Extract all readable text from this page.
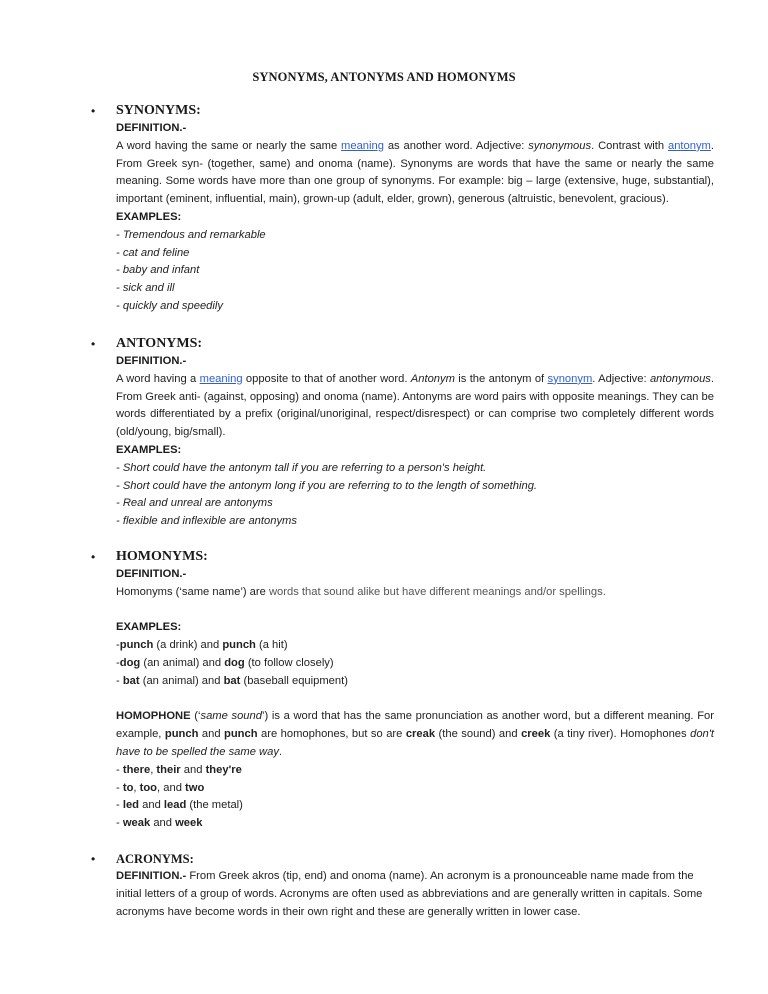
SYNONYMS, ANTONYMS AND HOMONYMS
• SYNONYMS:
DEFINITION.-
A word having the same or nearly the same meaning as another word. Adjective: synonymous. Contrast with antonym. From Greek syn- (together, same) and onoma (name). Synonyms are words that have the same or nearly the same meaning. Some words have more than one group of synonyms. For example: big – large (extensive, huge, substantial), important (eminent, influential, main), grown-up (adult, elder, grown), generous (altruistic, benevolent, gracious).
EXAMPLES:
- Tremendous and remarkable
- cat and feline
- baby and infant
- sick and ill
- quickly and speedily
• ANTONYMS:
DEFINITION.-
A word having a meaning opposite to that of another word. Antonym is the antonym of synonym. Adjective: antonymous. From Greek anti- (against, opposing) and onoma (name). Antonyms are word pairs with opposite meanings. They can be words differentiated by a prefix (original/unoriginal, respect/disrespect) or can comprise two completely different words (old/young, big/small).
EXAMPLES:
- Short could have the antonym tall if you are referring to a person's height.
- Short could have the antonym long if you are referring to to the length of something.
- Real and unreal are antonyms
- flexible and inflexible are antonyms
• HOMONYMS:
DEFINITION.-
Homonyms (‘same name’) are words that sound alike but have different meanings and/or spellings.
EXAMPLES:
-punch (a drink) and punch (a hit)
-dog (an animal) and dog (to follow closely)
- bat (an animal) and bat (baseball equipment)
HOMOPHONE (‘same sound’) is a word that has the same pronunciation as another word, but a different meaning. For example, punch and punch are homophones, but so are creak (the sound) and creek (a tiny river). Homophones don't have to be spelled the same way.
- there, their and they're
- to, too, and two
- led and lead (the metal)
- weak and week
• ACRONYMS:
DEFINITION.- From Greek akros (tip, end) and onoma (name). An acronym is a pronounceable name made from the initial letters of a group of words. Acronyms are often used as abbreviations and are generally written in capitals. Some acronyms have become words in their own right and these are generally written in lower case.
